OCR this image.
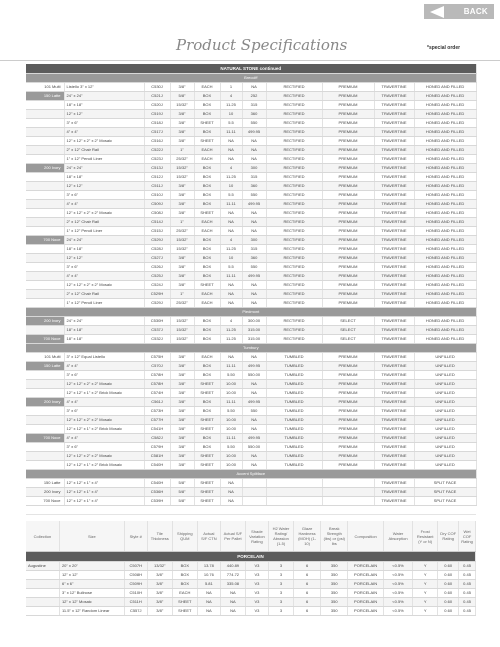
BACK
Product Specifications	*special order
NATURAL STONE continued										
Brecciff										
101 Multi	Listello 3" x 12"	C530J	3/8"	EACH	1	NA	RECTIFIED	PREMIUM	TRAVERTINE	HONED AND FILLED
150 Latte	24" x 24"	C521J	5/8"	BOX	4	252	RECTIFIED	PREMIUM	TRAVERTINE	HONED AND FILLED
	18" x 18"	C520J	15/32"	BOX	11.25	315	RECTIFIED	PREMIUM	TRAVERTINE	HONED AND FILLED
	12" x 12"	C519J	3/8"	BOX	10	360	RECTIFIED	PREMIUM	TRAVERTINE	HONED AND FILLED
	3" x 6"	C518J	3/8"	SHEET	5.5	550	RECTIFIED	PREMIUM	TRAVERTINE	HONED AND FILLED
	4" x 4"	C517J	3/8"	BOX	11.11	499.95	RECTIFIED	PREMIUM	TRAVERTINE	HONED AND FILLED
	12" x 12" x 2" x 2" Mosaic	C516J	3/8"	SHEET	NA	NA	RECTIFIED	PREMIUM	TRAVERTINE	HONED AND FILLED
	2" x 12" Chair Rail	C522J	1"	EACH	NA	NA	RECTIFIED	PREMIUM	TRAVERTINE	HONED AND FILLED
	1" x 12" Pencil Liner	C523J	25/32"	EACH	NA	NA	RECTIFIED	PREMIUM	TRAVERTINE	HONED AND FILLED
200 Ivory	24" x 24"	C513J	15/32"	BOX	4	300	RECTIFIED	PREMIUM	TRAVERTINE	HONED AND FILLED
	18" x 18"	C512J	15/32"	BOX	11.25	315	RECTIFIED	PREMIUM	TRAVERTINE	HONED AND FILLED
	12" x 12"	C511J	3/8"	BOX	10	360	RECTIFIED	PREMIUM	TRAVERTINE	HONED AND FILLED
	3" x 6"	C510J	3/8"	BOX	5.5	550	RECTIFIED	PREMIUM	TRAVERTINE	HONED AND FILLED
	4" x 4"	C509J	3/8"	BOX	11.11	499.95	RECTIFIED	PREMIUM	TRAVERTINE	HONED AND FILLED
	12" x 12" x 2" x 2" Mosaic	C508J	3/8"	SHEET	NA	NA	RECTIFIED	PREMIUM	TRAVERTINE	HONED AND FILLED
	2" x 12" Chair Rail	C514J	1"	EACH	NA	NA	RECTIFIED	PREMIUM	TRAVERTINE	HONED AND FILLED
	1" x 12" Pencil Liner	C515J	25/32"	EACH	NA	NA	RECTIFIED	PREMIUM	TRAVERTINE	HONED AND FILLED
700 Noce	24" x 24"	C529J	15/32"	BOX	4	300	RECTIFIED	PREMIUM	TRAVERTINE	HONED AND FILLED
	18" x 18"	C528J	15/32"	BOX	11.25	315	RECTIFIED	PREMIUM	TRAVERTINE	HONED AND FILLED
	12" x 12"	C527J	3/8"	BOX	10	360	RECTIFIED	PREMIUM	TRAVERTINE	HONED AND FILLED
	3" x 6"	C526J	3/8"	BOX	5.5	550	RECTIFIED	PREMIUM	TRAVERTINE	HONED AND FILLED
	4" x 4"	C525J	3/8"	BOX	11.11	499.95	RECTIFIED	PREMIUM	TRAVERTINE	HONED AND FILLED
	12" x 12" x 2" x 2" Mosaic	C524J	3/8"	SHEET	NA	NA	RECTIFIED	PREMIUM	TRAVERTINE	HONED AND FILLED
	2" x 12" Chair Rail	C529H	1"	EACH	NA	NA	RECTIFIED	PREMIUM	TRAVERTINE	HONED AND FILLED
	1" x 12" Pencil Liner	C529J	25/32"	EACH	NA	NA	RECTIFIED	PREMIUM	TRAVERTINE	HONED AND FILLED
Piedmont										
200 Ivory	24" x 24"	C530H	15/32"	BOX	4	300.00	RECTIFIED	SELECT	TRAVERTINE	HONED AND FILLED
	18" x 18"	C537J	15/32"	BOX	11.25	315.00	RECTIFIED	SELECT	TRAVERTINE	HONED AND FILLED
700 Noce	18" x 18"	C532J	15/32"	BOX	11.25	315.00	RECTIFIED	SELECT	TRAVERTINE	HONED AND FILLED
Tumbury										
101 Multi	3" x 12" Equal Listello	C575H	3/8"	EACH	NA	NA	TUMBLED	PREMIUM	TRAVERTINE	UNFILLED
150 Latte	4" x 4"	C570J	3/8"	BOX	11.11	499.95	TUMBLED	PREMIUM	TRAVERTINE	UNFILLED
	3" x 6"	C578H	3/8"	BOX	5.50	550.00	TUMBLED	PREMIUM	TRAVERTINE	UNFILLED
	12" x 12" x 2" x 2" Mosaic	C578H	3/8"	SHEET	10.00	NA	TUMBLED	PREMIUM	TRAVERTINE	UNFILLED
	12" x 12" x 1" x 2" Brick Mosaic	C574H	3/8"	SHEET	10.00	NA	TUMBLED	PREMIUM	TRAVERTINE	UNFILLED
200 Ivory	4" x 4"	C561J	3/8"	BOX	11.11	499.95	TUMBLED	PREMIUM	TRAVERTINE	UNFILLED
	3" x 6"	C573H	3/8"	BOX	5.50	550	TUMBLED	PREMIUM	TRAVERTINE	UNFILLED
	12" x 12" x 2" x 2" Mosaic	C577H	3/8"	SHEET	10.00	NA	TUMBLED	PREMIUM	TRAVERTINE	UNFILLED
	12" x 12" x 1" x 2" Brick Mosaic	C541H	3/8"	SHEET	10.00	NA	TUMBLED	PREMIUM	TRAVERTINE	UNFILLED
700 Noce	4" x 4"	C582J	3/8"	BOX	11.11	499.95	TUMBLED	PREMIUM	TRAVERTINE	UNFILLED
	3" x 6"	C579H	3/8"	BOX	5.50	550.00	TUMBLED	PREMIUM	TRAVERTINE	UNFILLED
	12" x 12" x 2" x 2" Mosaic	C581H	3/8"	SHEET	10.00	NA	TUMBLED	PREMIUM	TRAVERTINE	UNFILLED
	12" x 12" x 1" x 2" Brick Mosaic	C540H	3/8"	SHEET	10.00	NA	TUMBLED	PREMIUM	TRAVERTINE	UNFILLED
Accent Splitface										
150 Latte	12" x 12" x 1" x 4"	C540H	5/8"	SHEET	NA				TRAVERTINE	SPLIT FACE
200 Ivory	12" x 12" x 1" x 4"	C536H	5/8"	SHEET	NA				TRAVERTINE	SPLIT FACE
700 Noce	12" x 12" x 1" x 4"	C539H	5/8"	SHEET	NA				TRAVERTINE	SPLIT FACE
Collection	Size	Style #	Tile Thickness	Shipping QUM	Actual S/F CTN	Actual S/F Per Pallet	Shade Variation Rating	H2 Water Rating/ Abrasion (1-5)	Glaze Hardness (MOH) (1-10)	Break Strength (lbs) or (psi) lbs	Composition	Water Absorption	Frost Resistant (Y or N)	Dry COF Rating	Wet COF Rating
PORCELAIN															
Augustine	20" x 20"	C507H	13/32"	BOX	13.78	440.89	V3	3	6	350	PORCELAIN	<0.5%	Y	0.60	0.45
	12" x 12"	C508H	3/8"	BOX	10.76	774.72	V3	3	6	350	PORCELAIN	<0.5%	Y	0.60	0.45
	6" x 6"	C509H	3/8"	BOX	5.81	335.08	V3	3	6	350	PORCELAIN	<0.5%	Y	0.60	0.45
	3" x 12" Bullnose	C510H	3/8"	EACH	NA	NA	V3	3	6	350	PORCELAIN	<0.5%	Y	0.60	0.45
	12" x 12" Mosaic	C511H	3/8"	SHEET	NA	NA	V3	3	6	350	PORCELAIN	<0.5%	Y	0.60	0.45
	11.5" x 12" Random Linear	C557J	3/8"	SHEET	NA	NA	V3	3	6	350	PORCELAIN	<0.5%	Y	0.60	0.45
